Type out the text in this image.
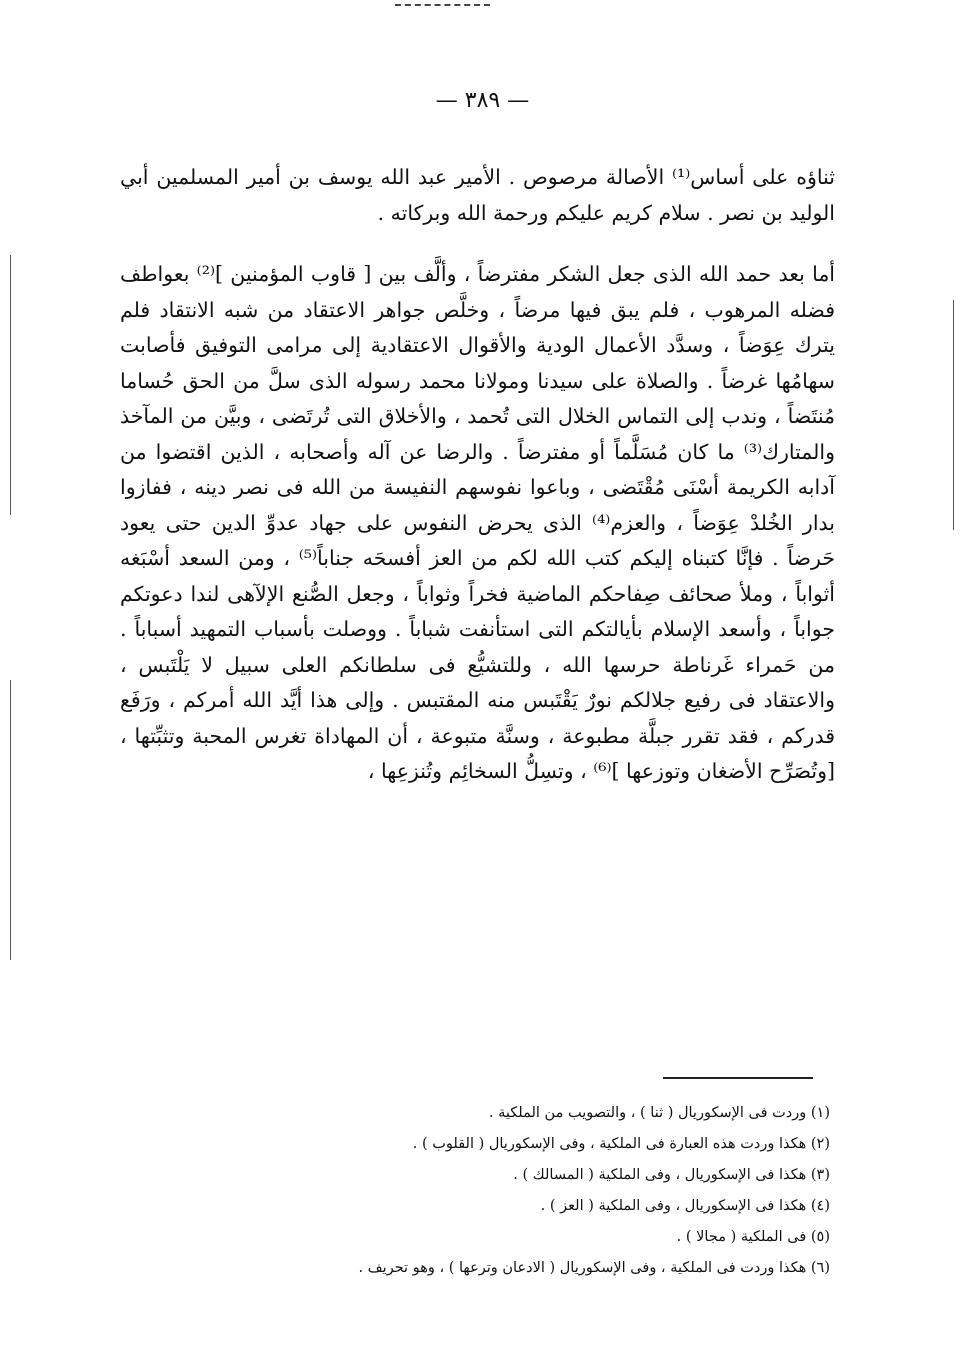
— ٣٨٩ —

ثناؤه على أساس⁽¹⁾ الأصالة مرصوص . الأمير عبد الله يوسف بن أمير المسلمين أبي الوليد بن نصر . سلام كريم عليكم ورحمة الله وبركاته .

أما بعد حمد الله الذى جعل الشكر مفترضاً ، وألَّف بين [ قاوب المؤمنين ]⁽²⁾ بعواطف فضله المرهوب ، فلم يبق فيها مرضاً ، وخلَّص جواهر الاعتقاد من شبه الانتقاد فلم يترك عِوَضاً ، وسدَّد الأعمال الودية والأقوال الاعتقادية إلى مرامى التوفيق فأصابت سهامُها غرضاً . والصلاة على سيدنا ومولانا محمد رسوله الذى سلَّ من الحق حُساما مُنتَضاً ، وندب إلى التماس الخلال التى تُحمد ، والأخلاق التى تُرتَضى ، وبيَّن من المآخذ والمتارك⁽³⁾ ما كان مُسَلَّماً أو مفترضاً . والرضا عن آله وأصحابه ، الذين اقتضوا من آدابه الكريمة أسْنَى مُقْتَضى ، وباعوا نفوسهم النفيسة من الله فى نصر دينه ، ففازوا بدار الخُلدْ عِوَضاً ، والعزم⁽⁴⁾ الذى يحرض النفوس على جهاد عدوِّ الدين حتى يعود حَرضاً . فإنَّا كتبناه إليكم كتب الله لكم من العز أفسحَه جناباً⁽⁵⁾ ، ومن السعد أسْبَغه أثواباً ، وملأ صحائف صِفاحكم الماضية فخراً وثواباً ، وجعل الصُّنع الإلآهى لندا دعوتكم جواباً ، وأسعد الإسلام بأيالتكم التى استأنفت شباباً . ووصلت بأسباب التمهيد أسباباً . من حَمراء غَرناطة حرسها الله ، وللتشيُّع فى سلطانكم العلى سبيل لا يَلْتَبس ، والاعتقاد فى رفيع جلالكم نورٌ يَقْتَبس منه المقتبس . وإلى هذا أيَّد الله أمركم ، ورَفَع قدركم ، فقد تقرر جبلَّة مطبوعة ، وسنَّة متبوعة ، أن المهاداة تغرس المحبة وتثبِّتها ، [وتُصَرِّح الأضغان وتوزعها ]⁽⁶⁾ ، وتسِلُّ السخائِم وتُنزعِها ،

(١) وردت فى الإسكوريال ( ثنا ) ، والتصويب من الملكية .
(٢) هكذا وردت هذه العبارة فى الملكية ، وفى الإسكوريال ( القلوب ) .
(٣) هكذا فى الإسكوريال ، وفى الملكية ( المسالك ) .
(٤) هكذا فى الإسكوريال ، وفى الملكية ( العز ) .
(٥) فى الملكية ( مجالا ) .
(٦) هكذا وردت فى الملكية ، وفى الإسكوريال ( الادعان وترعها ) ، وهو تحريف .
